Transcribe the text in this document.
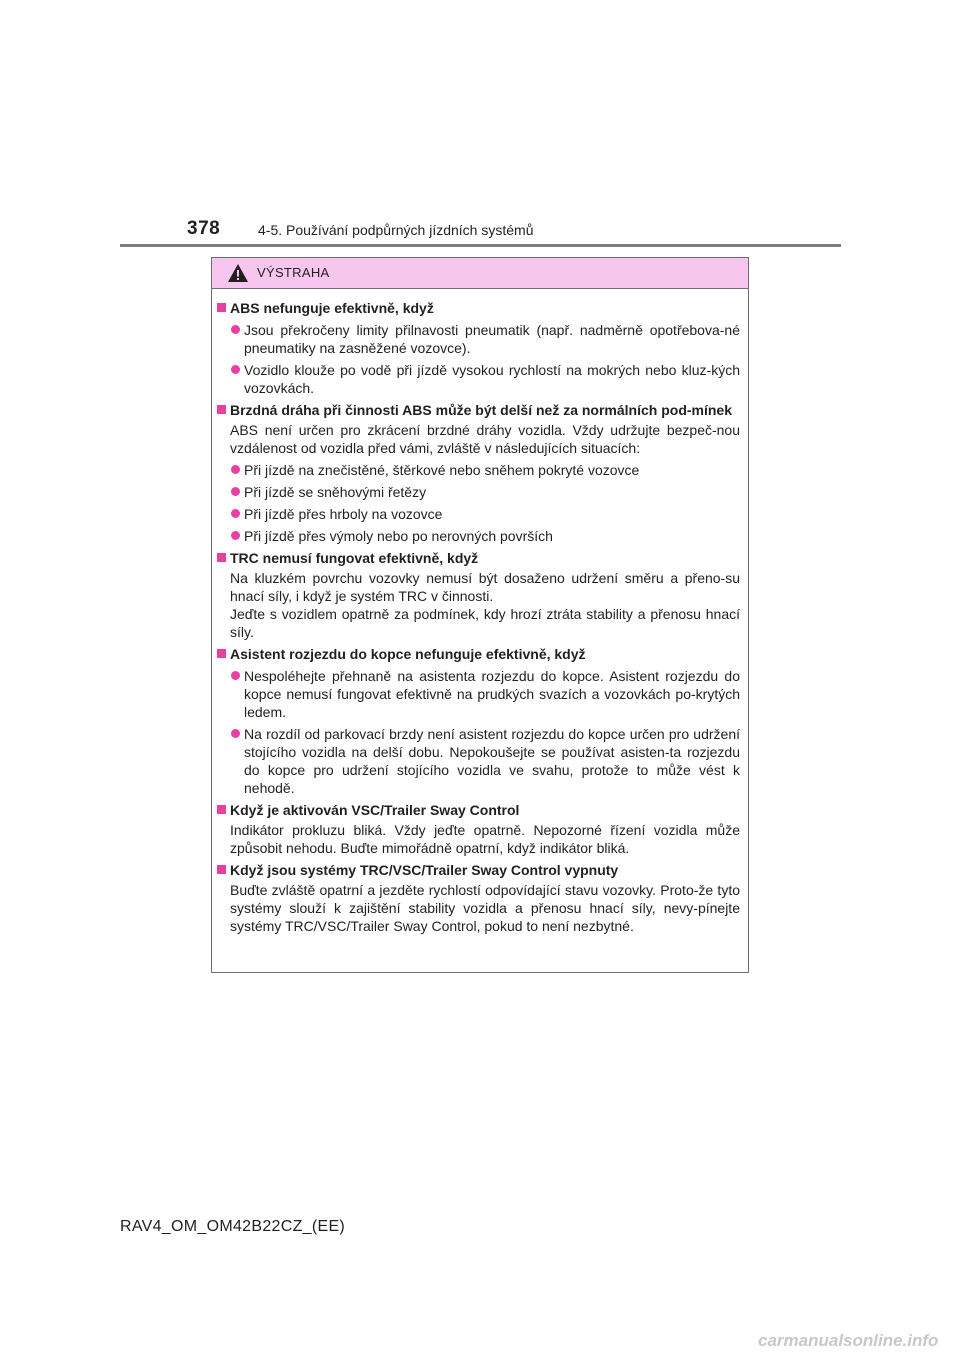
378	4-5. Používání podpůrných jízdních systémů
VÝSTRAHA
ABS nefunguje efektivně, když
Jsou překročeny limity přilnavosti pneumatik (např. nadměrně opotřebova-né pneumatiky na zasněžené vozovce).
Vozidlo klouže po vodě při jízdě vysokou rychlostí na mokrých nebo kluz-kých vozovkách.
Brzdná dráha při činnosti ABS může být delší než za normálních pod-mínek
ABS není určen pro zkrácení brzdné dráhy vozidla. Vždy udržujte bezpeč-nou vzdálenost od vozidla před vámi, zvláště v následujících situacích:
Při jízdě na znečistěné, štěrkové nebo sněhem pokryté vozovce
Při jízdě se sněhovými řetězy
Při jízdě přes hrboly na vozovce
Při jízdě přes výmoly nebo po nerovných površích
TRC nemusí fungovat efektivně, když
Na kluzkém povrchu vozovky nemusí být dosaženo udržení směru a přeno-su hnací síly, i když je systém TRC v činnosti.
Jeďte s vozidlem opatrně za podmínek, kdy hrozí ztráta stability a přenosu hnací síly.
Asistent rozjezdu do kopce nefunguje efektivně, když
Nespoléhejte přehnaně na asistenta rozjezdu do kopce. Asistent rozjezdu do kopce nemusí fungovat efektivně na prudkých svazích a vozovkách po-krytých ledem.
Na rozdíl od parkovací brzdy není asistent rozjezdu do kopce určen pro udržení stojícího vozidla na delší dobu. Nepokoušejte se používat asisten-ta rozjezdu do kopce pro udržení stojícího vozidla ve svahu, protože to může vést k nehodě.
Když je aktivován VSC/Trailer Sway Control
Indikátor prokluzu bliká. Vždy jeďte opatrně. Nepozorné řízení vozidla může způsobit nehodu. Buďte mimořádně opatrní, když indikátor bliká.
Když jsou systémy TRC/VSC/Trailer Sway Control vypnuty
Buďte zvláště opatrní a jezděte rychlostí odpovídající stavu vozovky. Proto-že tyto systémy slouží k zajištění stability vozidla a přenosu hnací síly, nevy-pínejte systémy TRC/VSC/Trailer Sway Control, pokud to není nezbytné.
RAV4_OM_OM42B22CZ_(EE)
carmanualsonline.info
